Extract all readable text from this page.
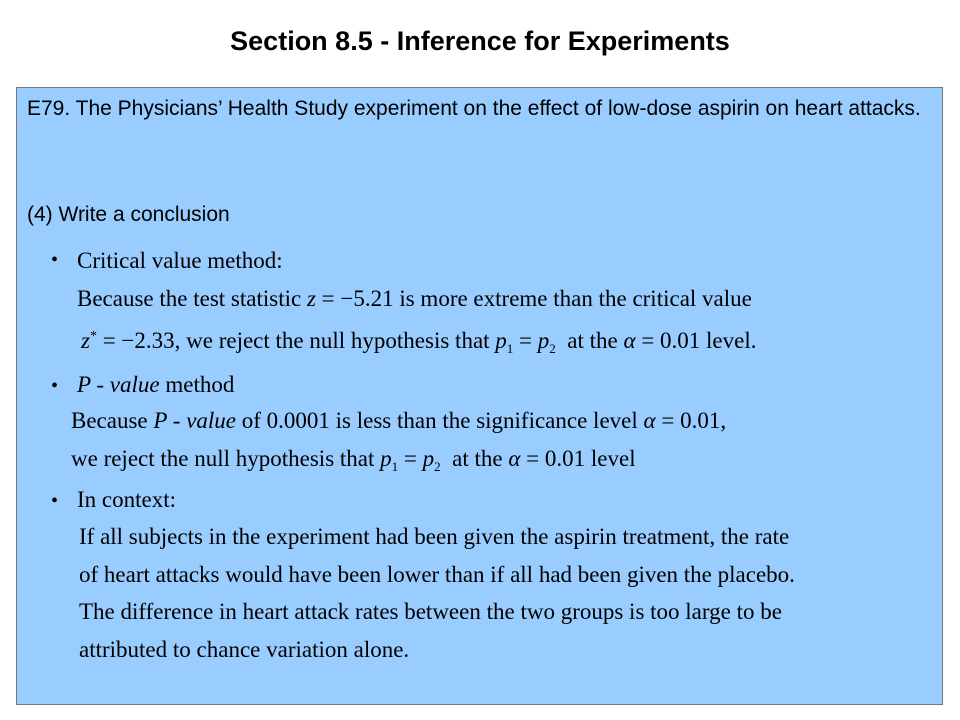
Section 8.5 - Inference for Experiments
E79. The Physicians’ Health Study experiment on the effect of low-dose aspirin on heart attacks.
(4) Write a conclusion
• Critical value method:
Because the test statistic z = −5.21 is more extreme than the critical value
z* = −2.33, we reject the null hypothesis that $p_1 = p_2$ at the α = 0.01 level.
• P - value method
Because P - value of 0.0001 is less than the significance level α = 0.01,
we reject the null hypothesis that $p_1 = p_2$ at the α = 0.01 level
• In context:
If all subjects in the experiment had been given the aspirin treatment, the rate
of heart attacks would have been lower than if all had been given the placebo.
The difference in heart attack rates between the two groups is too large to be
attributed to chance variation alone.
